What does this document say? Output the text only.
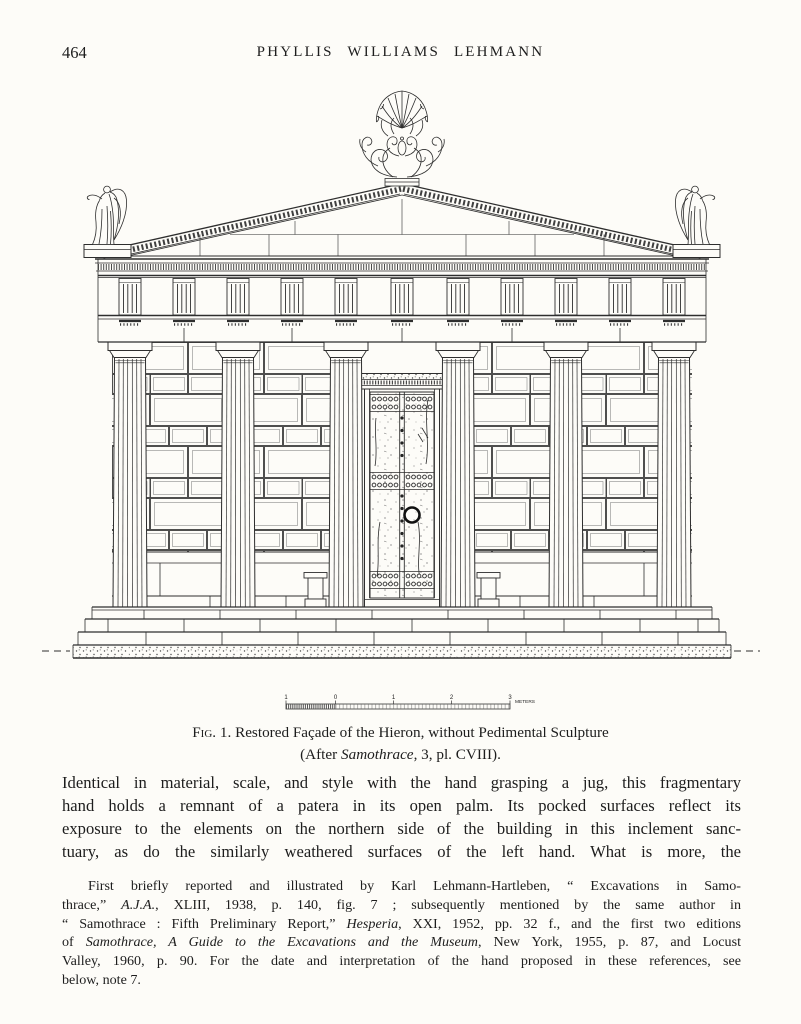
464	PHYLLIS WILLIAMS LEHMANN
1	0	1	2	3
METERS
Fig. 1. Restored Façade of the Hieron, without Pedimental Sculpture
(After Samothrace, 3, pl. CVIII).
Identical in material, scale, and style with the hand grasping a jug, this fragmentary
hand holds a remnant of a patera in its open palm. Its pocked surfaces reflect its
exposure to the elements on the northern side of the building in this inclement sanc-
tuary, as do the similarly weathered surfaces of the left hand. What is more, the
First briefly reported and illustrated by Karl Lehmann-Hartleben, “ Excavations in Samo-
thrace,” A.J.A., XLIII, 1938, p. 140, fig. 7 ; subsequently mentioned by the same author in
“ Samothrace : Fifth Preliminary Report,” Hesperia, XXI, 1952, pp. 32 f., and the first two editions
of Samothrace, A Guide to the Excavations and the Museum, New York, 1955, p. 87, and Locust
Valley, 1960, p. 90. For the date and interpretation of the hand proposed in these references, see
below, note 7.
